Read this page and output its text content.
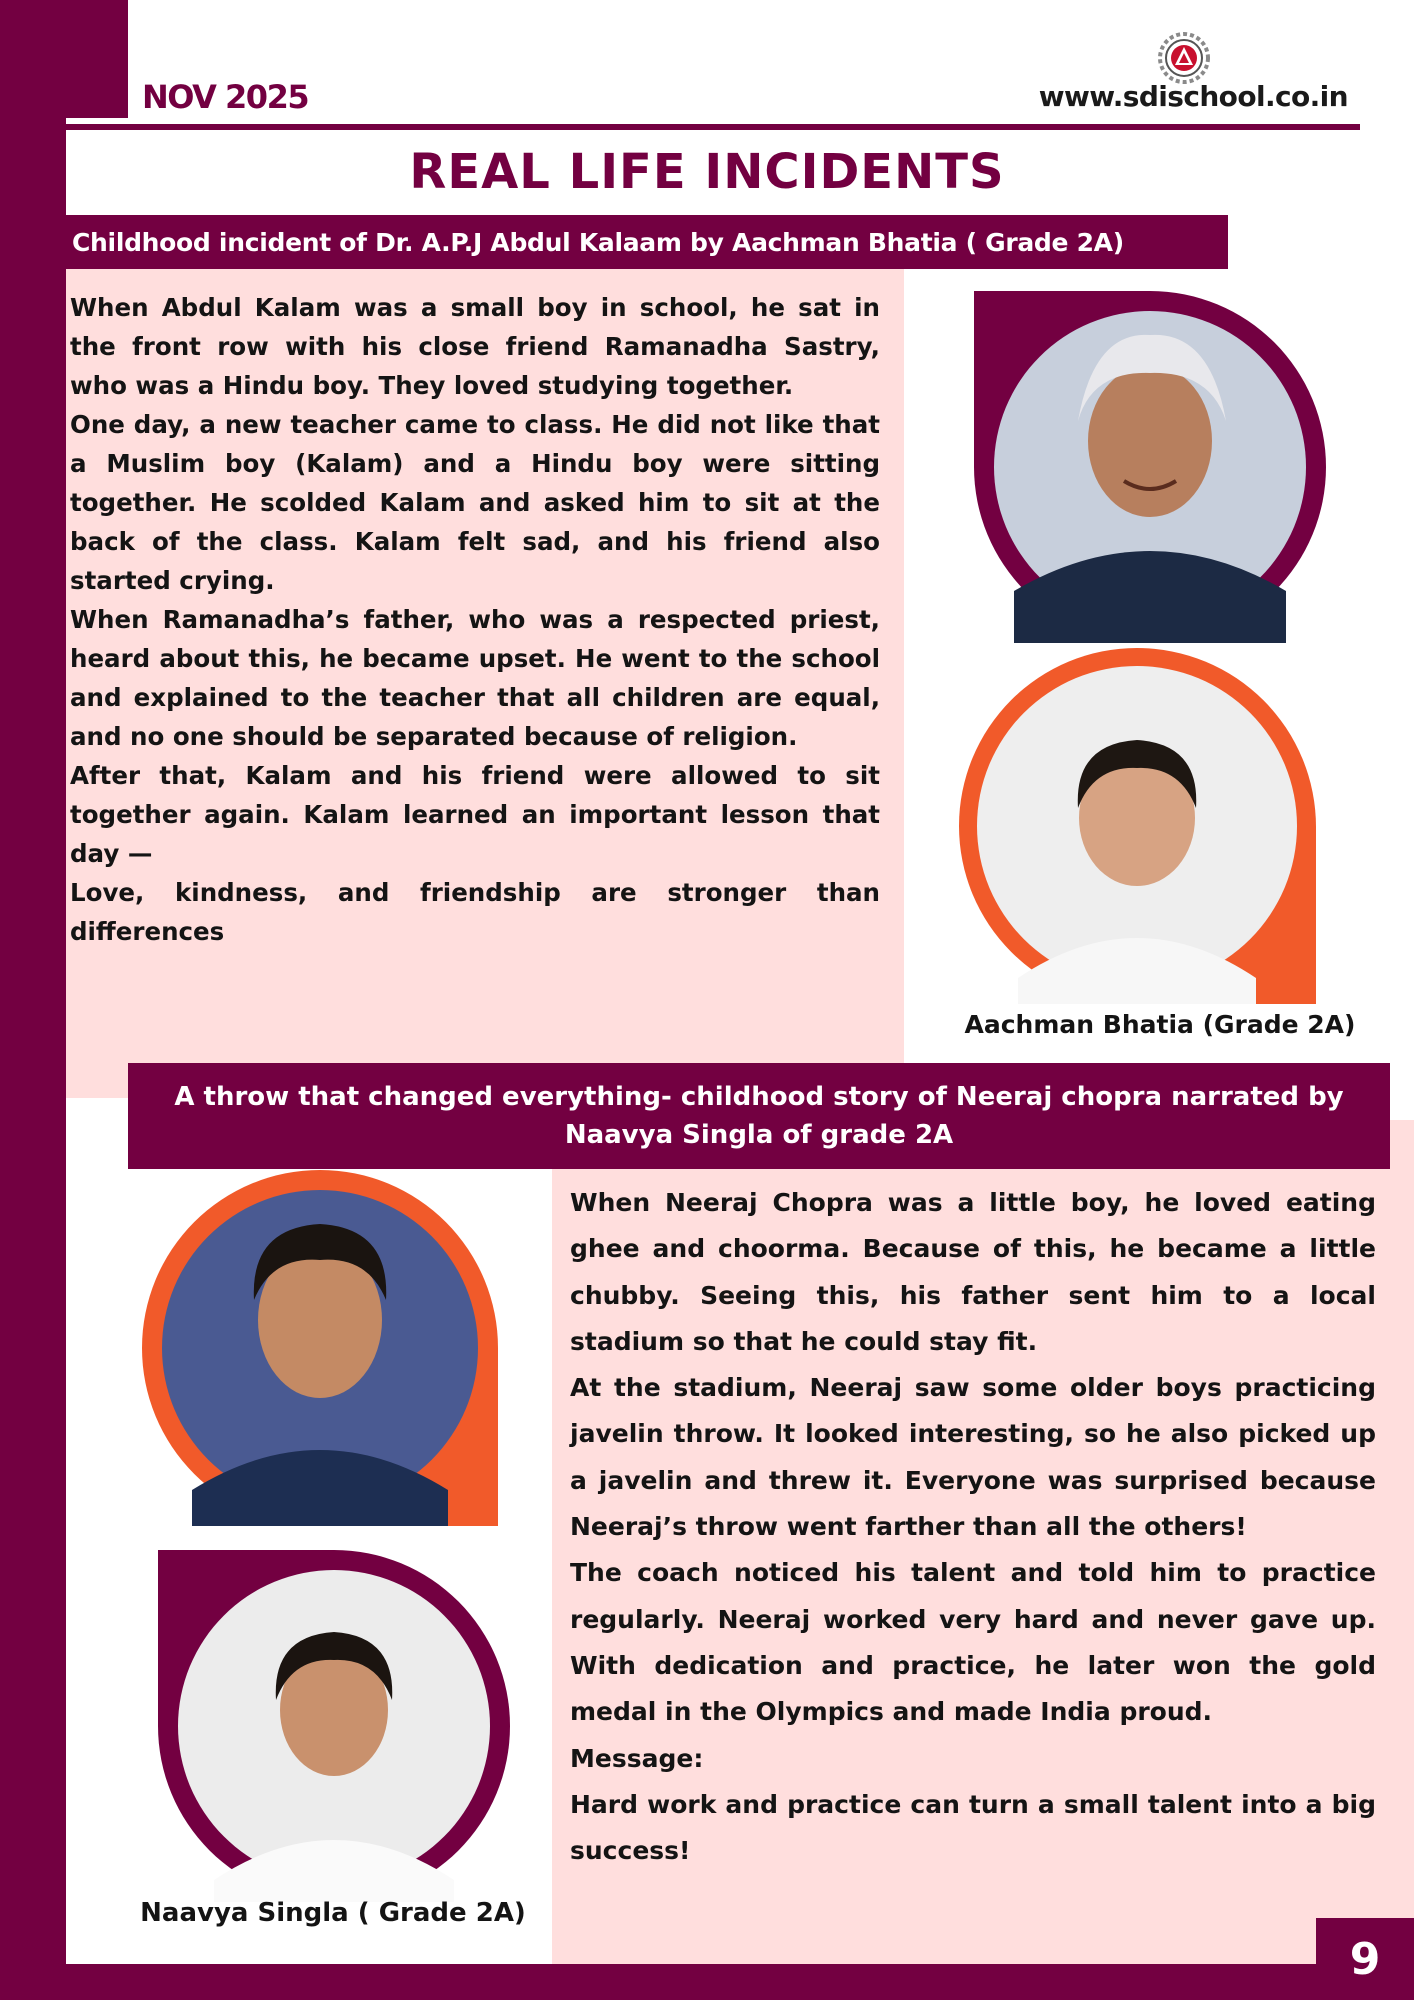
NOV 2025	www.sdischool.co.in
REAL LIFE INCIDENTS
Childhood incident of Dr. A.P.J Abdul Kalaam by Aachman Bhatia ( Grade 2A)

When Abdul Kalam was a small boy in school, he sat in the front row with his close friend Ramanadha Sastry, who was a Hindu boy. They loved studying together.

One day, a new teacher came to class. He did not like that a Muslim boy (Kalam) and a Hindu boy were sitting together. He scolded Kalam and asked him to sit at the back of the class. Kalam felt sad, and his friend also started crying.

When Ramanadha’s father, who was a respected priest, heard about this, he became upset. He went to the school and explained to the teacher that all children are equal, and no one should be separated because of religion.

After that, Kalam and his friend were allowed to sit together again. Kalam learned an important lesson that day —

Love, kindness, and friendship are stronger than differences

Aachman Bhatia (Grade 2A)
A throw that changed everything- childhood story of Neeraj chopra narrated by
Naavya Singla of grade 2A

When Neeraj Chopra was a little boy, he loved eating ghee and choorma. Because of this, he became a little chubby. Seeing this, his father sent him to a local stadium so that he could stay fit.

At the stadium, Neeraj saw some older boys practicing javelin throw. It looked interesting, so he also picked up a javelin and threw it. Everyone was surprised because Neeraj’s throw went farther than all the others!

The coach noticed his talent and told him to practice regularly. Neeraj worked very hard and never gave up. With dedication and practice, he later won the gold medal in the Olympics and made India proud.

Message:

Hard work and practice can turn a small talent into a big success!

Naavya Singla ( Grade 2A)
9
